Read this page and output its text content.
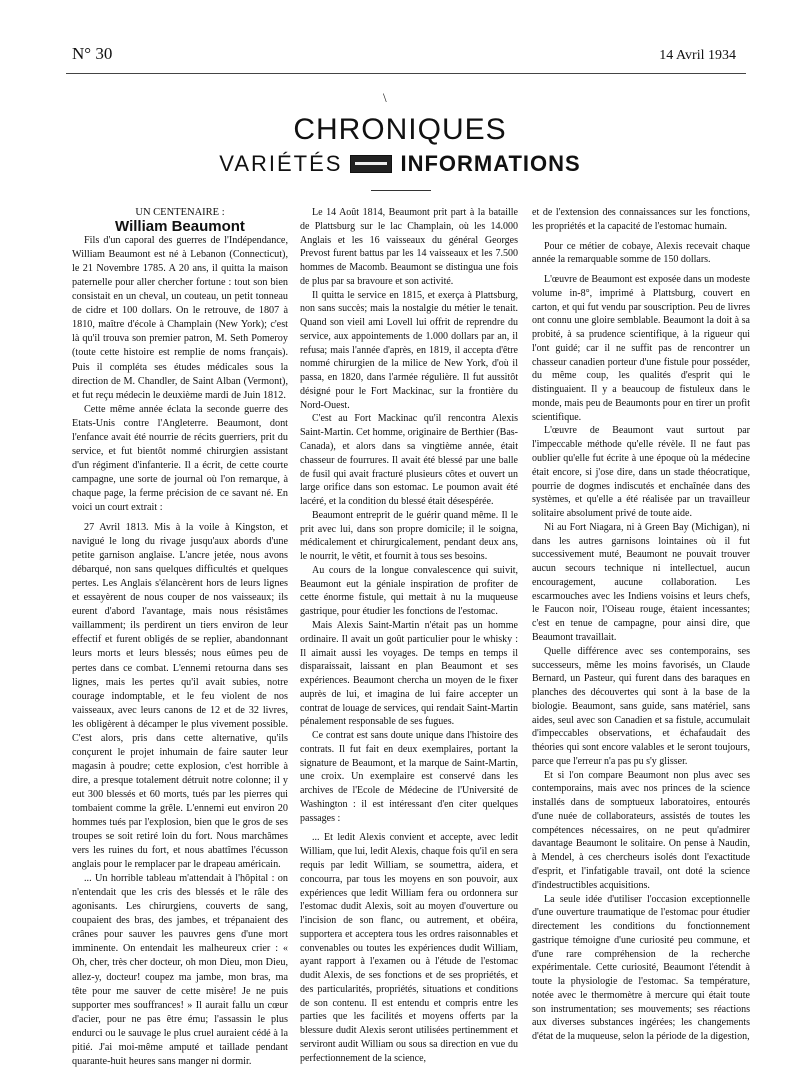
N° 30	14 Avril 1934
\
CHRONIQUES
VARIÉTÉS	INFORMATIONS

UN CENTENAIRE :

William Beaumont

Fils d'un caporal des guerres de l'Indépendance, William Beaumont est né à Lebanon (Connecticut), le 21 Novembre 1785. A 20 ans, il quitta la maison paternelle pour aller chercher fortune : tout son bien consistait en un cheval, un couteau, un petit tonneau de cidre et 100 dollars. On le retrouve, de 1807 à 1810, maître d'école à Champlain (New York); c'est là qu'il trouva son premier patron, M. Seth Pomeroy (toute cette histoire est remplie de noms français). Puis il compléta ses études médicales sous la direction de M. Chandler, de Saint Alban (Vermont), et fut reçu médecin le deuxième mardi de Juin 1812.

Cette même année éclata la seconde guerre des Etats-Unis contre l'Angleterre. Beaumont, dont l'enfance avait été nourrie de récits guerriers, prit du service, et fut bientôt nommé chirurgien assistant d'un régiment d'infanterie. Il a écrit, de cette courte campagne, une sorte de journal où l'on remarque, à chaque page, la ferme précision de ce savant né. En voici un court extrait :

27 Avril 1813. Mis à la voile à Kingston, et navigué le long du rivage jusqu'aux abords d'une petite garnison anglaise. L'ancre jetée, nous avons débarqué, non sans quelques difficultés et quelques pertes. Les Anglais s'élancèrent hors de leurs lignes et essayèrent de nous couper de nos vaisseaux; ils eurent d'abord l'avantage, mais nous résistâmes vaillamment; ils perdirent un tiers environ de leur effectif et furent obligés de se replier, abandonnant leurs morts et leurs blessés; nous eûmes peu de pertes dans ce combat. L'ennemi retourna dans ses lignes, mais les pertes qu'il avait subies, notre courage indomptable, et le feu violent de nos vaisseaux, avec leurs canons de 12 et de 32 livres, les obligèrent à décamper le plus vivement possible. C'est alors, pris dans cette alternative, qu'ils conçurent le projet inhumain de faire sauter leur magasin à poudre; cette explosion, c'est horrible à dire, a presque totalement détruit notre colonne; il y eut 300 blessés et 60 morts, tués par les pierres qui tombaient comme la grêle. L'ennemi eut environ 20 hommes tués par l'explosion, bien que le gros de ses troupes se soit retiré loin du fort. Nous marchâmes vers les ruines du fort, et nous abattîmes l'écusson anglais pour le remplacer par le drapeau américain.

... Un horrible tableau m'attendait à l'hôpital : on n'entendait que les cris des blessés et le râle des agonisants. Les chirurgiens, couverts de sang, coupaient des bras, des jambes, et trépanaient des crânes pour sauver les pauvres gens d'une mort imminente. On entendait les malheureux crier : « Oh, cher, très cher docteur, oh mon Dieu, mon Dieu, allez-y, docteur! coupez ma jambe, mon bras, ma tête pour me sauver de cette misère! Je ne puis supporter mes souffrances! » Il aurait fallu un cœur d'acier, pour ne pas être ému; l'assassin le plus endurci ou le sauvage le plus cruel auraient cédé à la pitié. J'ai moi-même amputé et taillade pendant quarante-huit heures sans manger ni dormir.

Le 14 Août 1814, Beaumont prit part à la bataille de Plattsburg sur le lac Champlain, où les 14.000 Anglais et les 16 vaisseaux du général Georges Prevost furent battus par les 14 vaisseaux et les 7.500 hommes de Macomb. Beaumont se distingua une fois de plus par sa bravoure et son activité.

Il quitta le service en 1815, et exerça à Plattsburg, non sans succès; mais la nostalgie du métier le tenait. Quand son vieil ami Lovell lui offrit de reprendre du service, aux appointements de 1.000 dollars par an, il refusa; mais l'année d'après, en 1819, il accepta d'être nommé chirurgien de la milice de New York, d'où il passa, en 1820, dans l'armée régulière. Il fut aussitôt désigné pour le Fort Mackinac, sur la frontière du Nord-Ouest.

C'est au Fort Mackinac qu'il rencontra Alexis Saint-Martin. Cet homme, originaire de Berthier (Bas-Canada), et alors dans sa vingtième année, était chasseur de fourrures. Il avait été blessé par une balle de fusil qui avait fracturé plusieurs côtes et ouvert un large orifice dans son estomac. Le poumon avait été lacéré, et la condition du blessé était désespérée.

Beaumont entreprit de le guérir quand même. Il le prit avec lui, dans son propre domicile; il le soigna, médicalement et chirurgicalement, pendant deux ans, le nourrit, le vêtit, et fournit à tous ses besoins.

Au cours de la longue convalescence qui suivit, Beaumont eut la géniale inspiration de profiter de cette énorme fistule, qui mettait à nu la muqueuse gastrique, pour étudier les fonctions de l'estomac.

Mais Alexis Saint-Martin n'était pas un homme ordinaire. Il avait un goût particulier pour le whisky : Il aimait aussi les voyages. De temps en temps il disparaissait, laissant en plan Beaumont et ses expériences. Beaumont chercha un moyen de le fixer auprès de lui, et imagina de lui faire accepter un contrat de louage de services, qui rendait Saint-Martin pénalement responsable de ses fugues.

Ce contrat est sans doute unique dans l'histoire des contrats. Il fut fait en deux exemplaires, portant la signature de Beaumont, et la marque de Saint-Martin, une croix. Un exemplaire est conservé dans les archives de l'Ecole de Médecine de l'Université de Washington : il est intéressant d'en citer quelques passages :

... Et ledit Alexis convient et accepte, avec ledit William, que lui, ledit Alexis, chaque fois qu'il en sera requis par ledit William, se soumettra, aidera, et concourra, par tous les moyens en son pouvoir, aux expériences que ledit William fera ou ordonnera sur l'estomac dudit Alexis, soit au moyen d'ouverture ou l'incision de son flanc, ou autrement, et obéira, supportera et acceptera tous les ordres raisonnables et convenables ou toutes les expériences dudit William, ayant rapport à l'examen ou à l'étude de l'estomac dudit Alexis, de ses fonctions et de ses propriétés, et des particularités, propriétés, situations et conditions de son contenu. Il est entendu et compris entre les parties que les facilités et moyens offerts par la blessure dudit Alexis seront utilisées pertinemment et serviront audit William ou sous sa direction en vue du perfectionnement de la science,

et de l'extension des connaissances sur les fonctions, les propriétés et la capacité de l'estomac humain.

Pour ce métier de cobaye, Alexis recevait chaque année la remarquable somme de 150 dollars.

L'œuvre de Beaumont est exposée dans un modeste volume in-8°, imprimé à Plattsburg, couvert en carton, et qui fut vendu par souscription. Peu de livres ont connu une gloire semblable. Beaumont la doit à sa probité, à sa prudence scientifique, à la rigueur qui l'ont guidé; car il ne suffit pas de rencontrer un chasseur canadien porteur d'une fistule pour posséder, du même coup, les qualités d'esprit qui le distinguaient. Il y a beaucoup de fistuleux dans le monde, mais peu de Beaumonts pour en tirer un profit scientifique.

L'œuvre de Beaumont vaut surtout par l'impeccable méthode qu'elle révèle. Il ne faut pas oublier qu'elle fut écrite à une époque où la médecine était encore, si j'ose dire, dans un stade théocratique, pourrie de dogmes indiscutés et enchaînée dans des systèmes, et qu'elle a été réalisée par un travailleur solitaire absolument privé de toute aide.

Ni au Fort Niagara, ni à Green Bay (Michigan), ni dans les autres garnisons lointaines où il fut successivement muté, Beaumont ne pouvait trouver aucun secours technique ni intellectuel, aucun encouragement, aucune collaboration. Les escarmouches avec les Indiens voisins et leurs chefs, le Faucon noir, l'Oiseau rouge, étaient incessantes; c'est en tenue de campagne, pour ainsi dire, que Beaumont travaillait.

Quelle différence avec ses contemporains, ses successeurs, même les moins favorisés, un Claude Bernard, un Pasteur, qui furent dans des baraques en planches des découvertes qui sont à la base de la biologie. Beaumont, sans guide, sans matériel, sans aides, seul avec son Canadien et sa fistule, accumulait d'impeccables observations, et échafaudait des théories qui sont encore valables et le seront toujours, parce que l'erreur n'a pas pu s'y glisser.

Et si l'on compare Beaumont non plus avec ses contemporains, mais avec nos princes de la science installés dans de somptueux laboratoires, entourés d'une nuée de collaborateurs, assistés de toutes les compétences nécessaires, on ne peut qu'admirer davantage Beaumont le solitaire. On pense à Naudin, à Mendel, à ces chercheurs isolés dont l'exactitude d'esprit, et l'infatigable travail, ont doté la science d'indestructibles acquisitions.

La seule idée d'utiliser l'occasion exceptionnelle d'une ouverture traumatique de l'estomac pour étudier directement les conditions du fonctionnement gastrique témoigne d'une curiosité peu commune, et d'une rare compréhension de la recherche expérimentale. Cette curiosité, Beaumont l'étendit à toute la physiologie de l'estomac. Sa température, notée avec le thermomètre à mercure qui était toute son instrumentation; ses mouvements; ses réactions aux diverses substances ingérées; les changements d'état de la muqueuse, selon la période de la digestion,
